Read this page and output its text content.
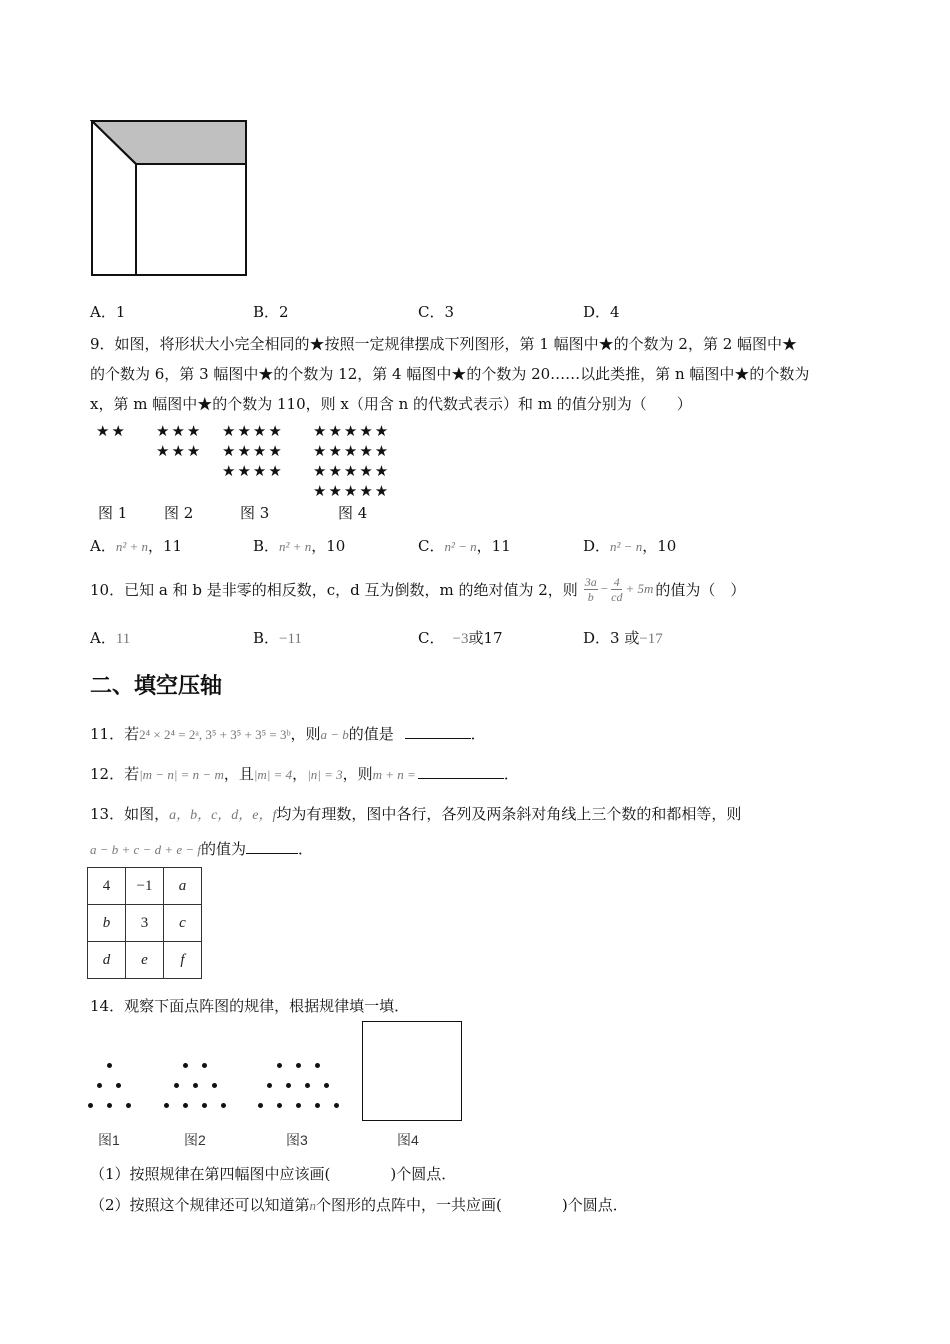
A．1	B．2	C．3	D．4
9．如图，将形状大小完全相同的★按照一定规律摆成下列图形，第 1 幅图中★的个数为 2，第 2 幅图中★
的个数为 6，第 3 幅图中★的个数为 12，第 4 幅图中★的个数为 20……以此类推，第 n 幅图中★的个数为
x，第 m 幅图中★的个数为 110，则 x（用含 n 的代数式表示）和 m 的值分别为（　　）
★★ ★★★
★★★
★★★★
★★★★
★★★★
★★★★★
★★★★★
★★★★★
★★★★★
图 1 图 2	图 3	图 4
A．n² + n，11	B．n² + n，10	C．n² − n，11	D．n² − n，10
10．已知 a 和 b 是非零的相反数，c，d 互为倒数，m 的绝对值为 2，则 $\frac{3a}{b} - \frac{4}{cd} + 5m$ 的值为（　）
A．11	B．−11	C． −3或17	D．3 或−17
二、填空压轴
11．若2⁴ × 2⁴ = 2ᵃ, 3⁵ + 3⁵ + 3⁵ = 3ᵇ，则a − b的值是	．
12．若|m − n| = n − m，且|m| = 4，|n| = 3，则m + n =	．
13．如图，a，b，c，d，e，f均为有理数，图中各行，各列及两条斜对角线上三个数的和都相等，则
a − b + c − d + e − f的值为	．
4	−1	a
b	3	c
d	e	f
14．观察下面点阵图的规律，根据规律填一填．
图1	图2	图3	图4
（1）按照规律在第四幅图中应该画(　　　　)个圆点．
（2）按照这个规律还可以知道第n个图形的点阵中，一共应画(　　　　)个圆点．
